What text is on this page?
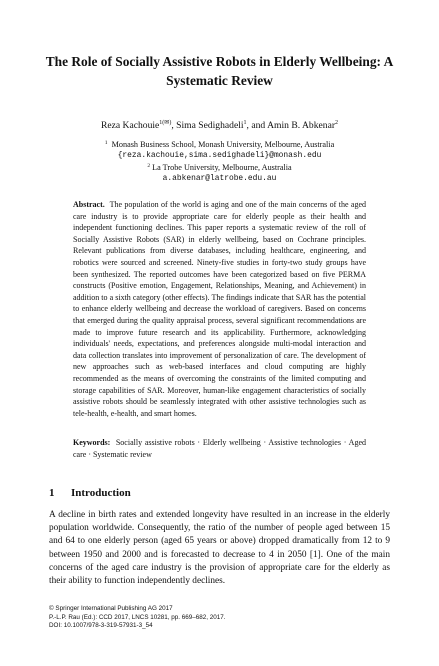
The Role of Socially Assistive Robots in Elderly Wellbeing: A Systematic Review
Reza Kachouie$^{1(✉)}$, Sima Sedighadeli$^1$, and Amin B. Abkenar$^2$
$^1$ Monash Business School, Monash University, Melbourne, Australia
{reza.kachouie,sima.sedighadeli}@monash.edu
$^2$ La Trobe University, Melbourne, Australia
a.abkenar@latrobe.edu.au
Abstract. The population of the world is aging and one of the main concerns of the aged care industry is to provide appropriate care for elderly people as their health and independent functioning declines. This paper reports a systematic review of the roll of Socially Assistive Robots (SAR) in elderly wellbeing, based on Cochrane principles. Relevant publications from diverse databases, including healthcare, engineering, and robotics were sourced and screened. Ninety-five studies in forty-two study groups have been synthesized. The reported outcomes have been categorized based on five PERMA constructs (Positive emotion, Engagement, Relationships, Meaning, and Achievement) in addition to a sixth category (other effects). The findings indicate that SAR has the potential to enhance elderly wellbeing and decrease the workload of caregivers. Based on concerns that emerged during the quality appraisal process, several significant recommendations are made to improve future research and its applicability. Furthermore, acknowledging individuals' needs, expectations, and preferences alongside multi-modal interaction and data collection translates into improvement of personalization of care. The development of new approaches such as web-based interfaces and cloud computing are highly recommended as the means of overcoming the constraints of the limited computing and storage capabilities of SAR. Moreover, human-like engagement characteristics of socially assistive robots should be seamlessly integrated with other assistive technologies such as tele-health, e-health, and smart homes.
Keywords: Socially assistive robots · Elderly wellbeing · Assistive technologies · Aged care · Systematic review
1 Introduction
A decline in birth rates and extended longevity have resulted in an increase in the elderly population worldwide. Consequently, the ratio of the number of people aged between 15 and 64 to one elderly person (aged 65 years or above) dropped dramatically from 12 to 9 between 1950 and 2000 and is forecasted to decrease to 4 in 2050 [1]. One of the main concerns of the aged care industry is the provision of appropriate care for the elderly as their ability to function independently declines.
© Springer International Publishing AG 2017
P.-L.P. Rau (Ed.): CCD 2017, LNCS 10281, pp. 669–682, 2017.
DOI: 10.1007/978-3-319-57931-3_54
